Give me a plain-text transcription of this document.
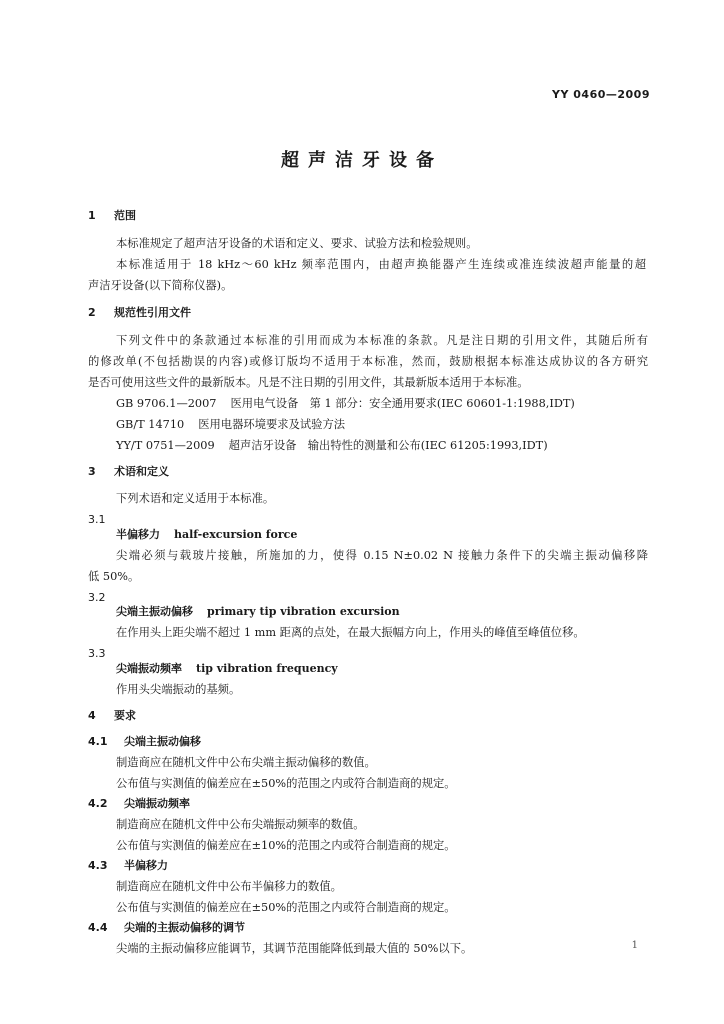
YY 0460—2009
超声洁牙设备
1 范围
本标准规定了超声洁牙设备的术语和定义、要求、试验方法和检验规则。
本标准适用于 18 kHz～60 kHz 频率范围内，由超声换能器产生连续或准连续波超声能量的超
声洁牙设备(以下简称仪器)。
2 规范性引用文件
下列文件中的条款通过本标准的引用而成为本标准的条款。凡是注日期的引用文件，其随后所有
的修改单(不包括勘误的内容)或修订版均不适用于本标准，然而，鼓励根据本标准达成协议的各方研究
是否可使用这些文件的最新版本。凡是不注日期的引用文件，其最新版本适用于本标准。
GB 9706.1—2007 医用电气设备　第 1 部分：安全通用要求(IEC 60601-1:1988,IDT)
GB/T 14710 医用电器环境要求及试验方法
YY/T 0751—2009 超声洁牙设备　输出特性的测量和公布(IEC 61205:1993,IDT)
3 术语和定义
下列术语和定义适用于本标准。
3.1
半偏移力 half-excursion force
尖端必须与载玻片接触，所施加的力，使得 0.15 N±0.02 N 接触力条件下的尖端主振动偏移降
低 50%。
3.2
尖端主振动偏移 primary tip vibration excursion
在作用头上距尖端不超过 1 mm 距离的点处，在最大振幅方向上，作用头的峰值至峰值位移。
3.3
尖端振动频率 tip vibration frequency
作用头尖端振动的基频。
4 要求
4.1 尖端主振动偏移
制造商应在随机文件中公布尖端主振动偏移的数值。
公布值与实测值的偏差应在±50%的范围之内或符合制造商的规定。
4.2 尖端振动频率
制造商应在随机文件中公布尖端振动频率的数值。
公布值与实测值的偏差应在±10%的范围之内或符合制造商的规定。
4.3 半偏移力
制造商应在随机文件中公布半偏移力的数值。
公布值与实测值的偏差应在±50%的范围之内或符合制造商的规定。
4.4 尖端的主振动偏移的调节
尖端的主振动偏移应能调节，其调节范围能降低到最大值的 50%以下。	1
